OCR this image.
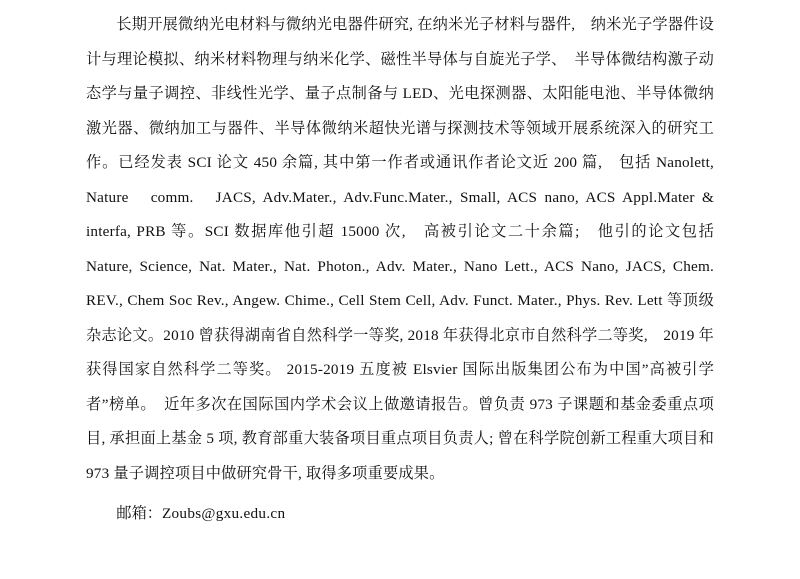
长期开展微纳光电材料与微纳光电器件研究, 在纳米光子材料与器件,　纳米光子学器件设计与理论模拟、纳米材料物理与纳米化学、磁性半导体与自旋光子学、　半导体微结构激子动态学与量子调控、非线性光学、量子点制备与 LED、光电探测器、太阳能电池、半导体微纳激光器、微纳加工与器件、半导体微纳米超快光谱与探测技术等领域开展系统深入的研究工作。已经发表 SCI 论文 450 余篇, 其中第一作者或通讯作者论文近 200 篇,　包括 Nanolett, Nature　comm.　JACS, Adv.Mater., Adv.Func.Mater., Small, ACS nano, ACS Appl.Mater & interfa, PRB 等。SCI 数据库他引超 15000 次,　高被引论文二十余篇;　他引的论文包括 Nature, Science, Nat. Mater., Nat. Photon., Adv. Mater., Nano Lett., ACS Nano, JACS, Chem. REV., Chem Soc Rev., Angew. Chime., Cell Stem Cell, Adv. Funct. Mater., Phys. Rev. Lett 等顶级杂志论文。2010 曾获得湖南省自然科学一等奖, 2018 年获得北京市自然科学二等奖,　2019 年获得国家自然科学二等奖。 2015-2019 五度被 Elsvier 国际出版集团公布为中国”高被引学者”榜单。　近年多次在国际国内学术会议上做邀请报告。曾负责 973 子课题和基金委重点项目, 承担面上基金 5 项, 教育部重大装备项目重点项目负责人; 曾在科学院创新工程重大项目和　973 量子调控项目中做研究骨干, 取得多项重要成果。
邮箱：Zoubs@gxu.edu.cn
